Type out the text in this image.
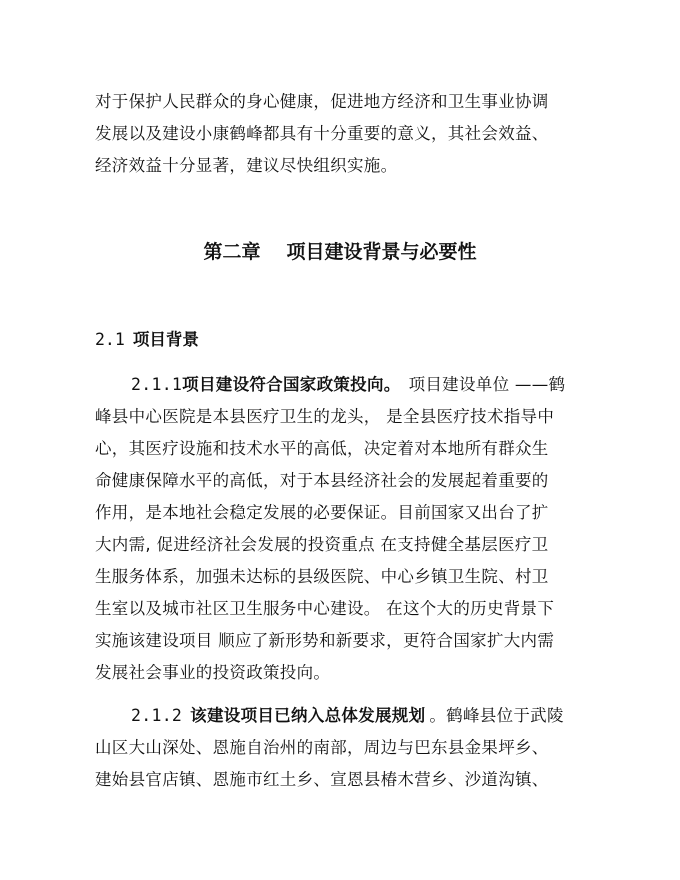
对于保护人民群众的身心健康，促进地方经济和卫生事业协调
发展以及建设小康鹤峰都具有十分重要的意义，其社会效益、
经济效益十分显著，建议尽快组织实施。
第二章 项目建设背景与必要性
2.1 项目背景
2.1.1项目建设符合国家政策投向。 项目建设单位 ——鹤
峰县中心医院是本县医疗卫生的龙头， 是全县医疗技术指导中
心，其医疗设施和技术水平的高低，决定着对本地所有群众生
命健康保障水平的高低，对于本县经济社会的发展起着重要的
作用，是本地社会稳定发展的必要保证。目前国家又出台了扩
大内需, 促进经济社会发展的投资重点 在支持健全基层医疗卫
生服务体系，加强未达标的县级医院、中心乡镇卫生院、村卫
生室以及城市社区卫生服务中心建设。 在这个大的历史背景下
实施该建设项目 顺应了新形势和新要求，更符合国家扩大内需
发展社会事业的投资政策投向。
2.1.2 该建设项目已纳入总体发展规划 。鹤峰县位于武陵
山区大山深处、恩施自治州的南部，周边与巴东县金果坪乡、
建始县官店镇、恩施市红土乡、宣恩县椿木营乡、沙道沟镇、
